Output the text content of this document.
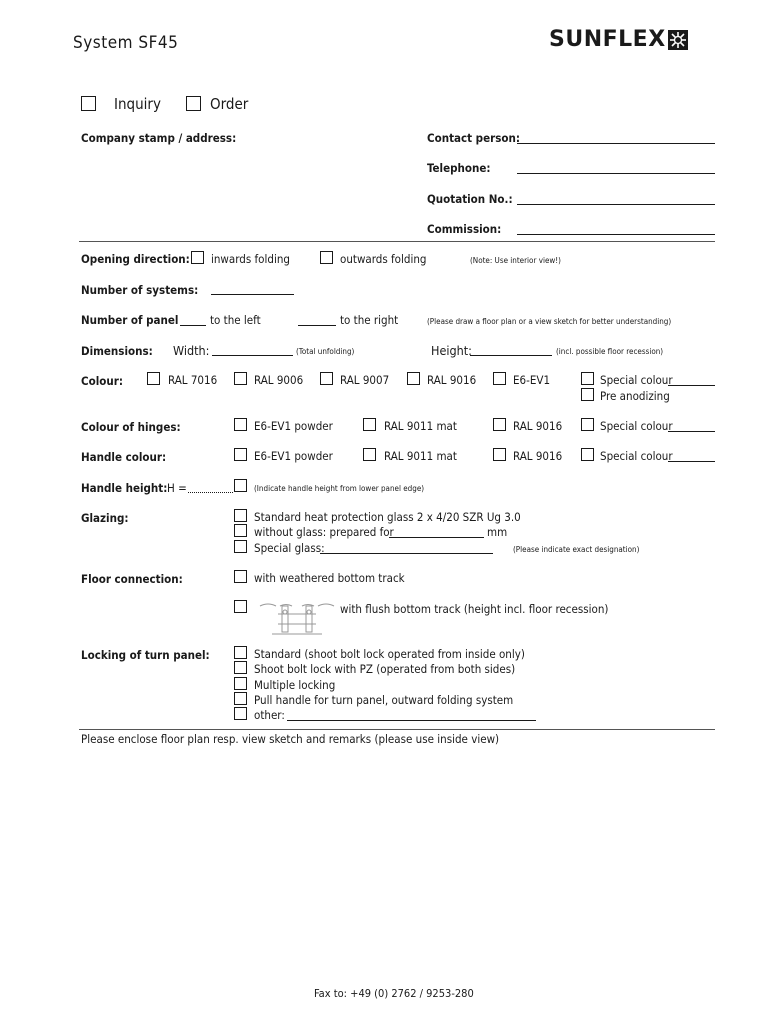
System SF45	SUNFLEX
Inquiry	Order
Company stamp / address:	Contact person:
Telephone:
Quotation No.:
Commission:
Opening direction: inwards folding	outwards folding	(Note: Use interior view!)
Number of systems:
Number of panel	to the left	to the right	(Please draw a floor plan or a view sketch for better understanding)
Dimensions: Width:	(Total unfolding)	Height:	(incl. possible floor recession)
Colour:	RAL 7016	RAL 9006	RAL 9007	RAL 9016	E6-EV1	Special colour
Pre anodizing
Colour of hinges:	E6-EV1 powder	RAL 9011 mat	RAL 9016	Special colour
Handle colour:	E6-EV1 powder	RAL 9011 mat	RAL 9016	Special colour
Handle height: H =	(Indicate handle height from lower panel edge)
Glazing:	Standard heat protection glass 2 x 4/20 SZR Ug 3.0
without glass: prepared for	mm
Special glass:	(Please indicate exact designation)
Floor connection:	with weathered bottom track
with flush bottom track (height incl. floor recession)
Locking of turn panel:	Standard (shoot bolt lock operated from inside only)
Shoot bolt lock with PZ (operated from both sides)
Multiple locking
Pull handle for turn panel, outward folding system
other:
Please enclose floor plan resp. view sketch and remarks (please use inside view)
Fax to: +49 (0) 2762 / 9253-280
